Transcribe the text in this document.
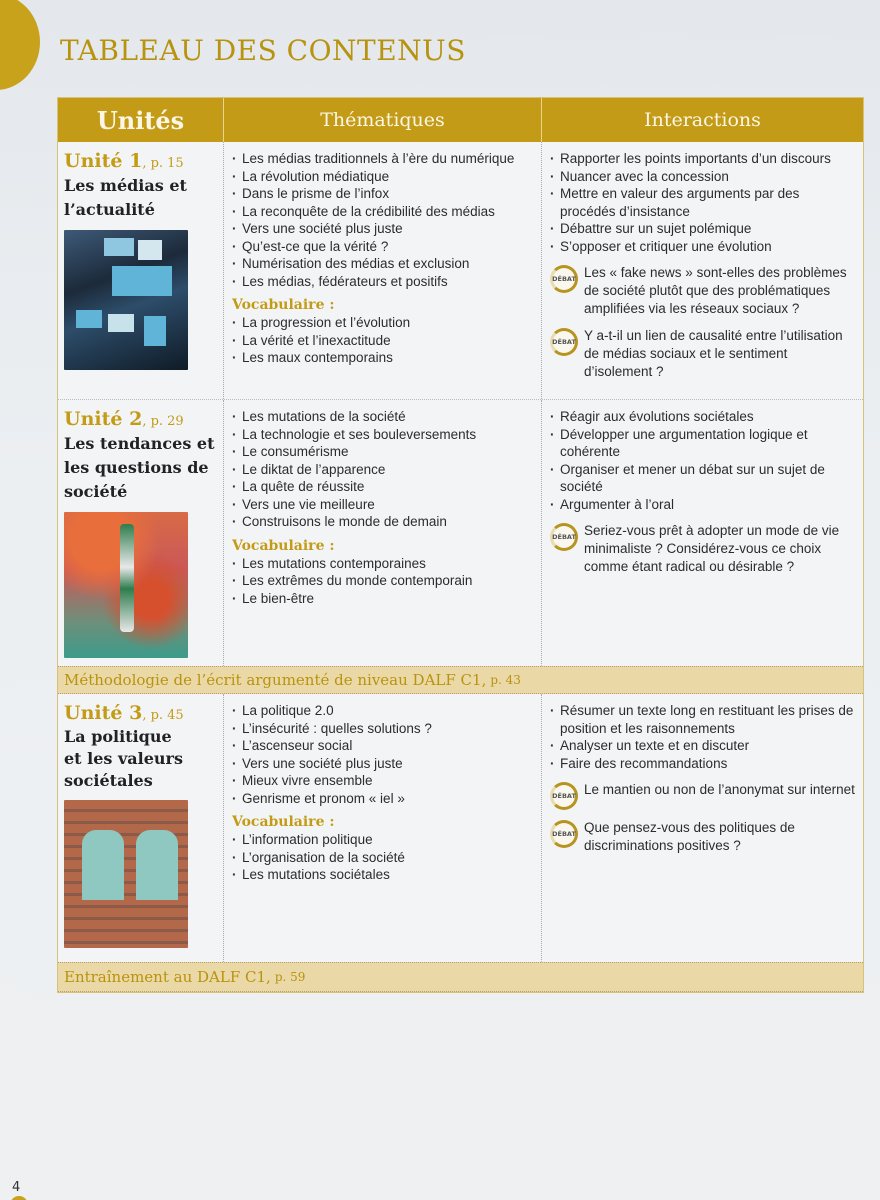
TABLEAU DES CONTENUS
Unités	Thématiques	Interactions
Unité 1, p. 15
Les médias et l’actualité
· Les médias traditionnels à l’ère du numérique
· La révolution médiatique
· Dans le prisme de l’infox
· La reconquête de la crédibilité des médias
· Vers une société plus juste
· Qu’est-ce que la vérité ?
· Numérisation des médias et exclusion
· Les médias, fédérateurs et positifs
Vocabulaire :
· La progression et l’évolution
· La vérité et l’inexactitude
· Les maux contemporains
· Rapporter les points importants d’un discours
· Nuancer avec la concession
· Mettre en valeur des arguments par des procédés d’insistance
· Débattre sur un sujet polémique
· S’opposer et critiquer une évolution
DÉBAT Les « fake news » sont-elles des problèmes de société plutôt que des problématiques amplifiées via les réseaux sociaux ?
DÉBAT Y a-t-il un lien de causalité entre l’utilisation de médias sociaux et le sentiment d’isolement ?
Unité 2, p. 29
Les tendances et les questions de société
· Les mutations de la société
· La technologie et ses bouleversements
· Le consumérisme
· Le diktat de l’apparence
· La quête de réussite
· Vers une vie meilleure
· Construisons le monde de demain
Vocabulaire :
· Les mutations contemporaines
· Les extrêmes du monde contemporain
· Le bien-être
· Réagir aux évolutions sociétales
· Développer une argumentation logique et cohérente
· Organiser et mener un débat sur un sujet de société
· Argumenter à l’oral
DÉBAT Seriez-vous prêt à adopter un mode de vie minimaliste ? Considérez-vous ce choix comme étant radical ou désirable ?
Méthodologie de l’écrit argumenté de niveau DALF C1, p. 43
Unité 3, p. 45
La politique et les valeurs sociétales
· La politique 2.0
· L’insécurité : quelles solutions ?
· L’ascenseur social
· Vers une société plus juste
· Mieux vivre ensemble
· Genrisme et pronom « iel »
Vocabulaire :
· L’information politique
· L’organisation de la société
· Les mutations sociétales
· Résumer un texte long en restituant les prises de position et les raisonnements
· Analyser un texte et en discuter
· Faire des recommandations
DÉBAT Le mantien ou non de l’anonymat sur internet
DÉBAT Que pensez-vous des politiques de discriminations positives ?
Entraînement au DALF C1, p. 59
4
